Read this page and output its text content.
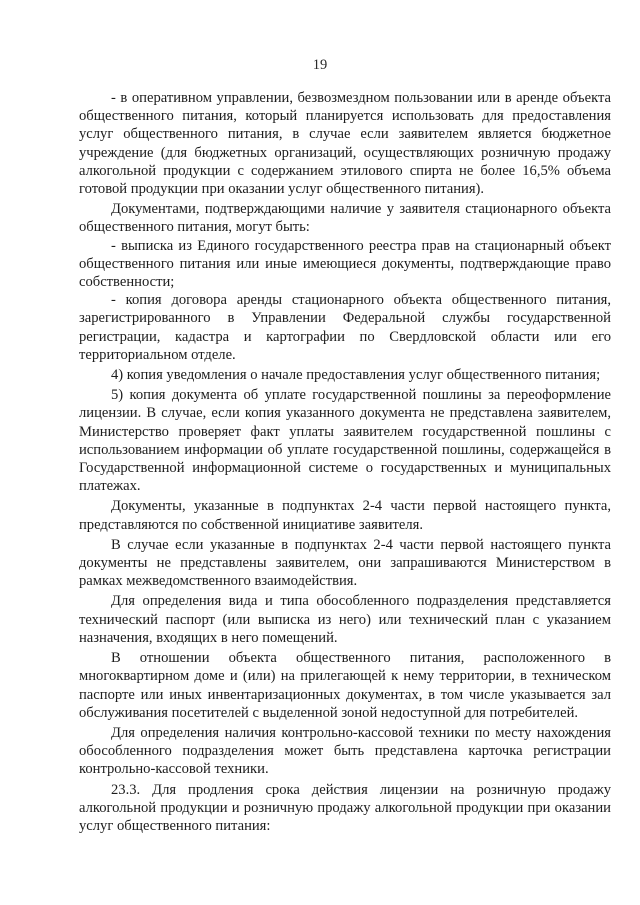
19

- в оперативном управлении, безвозмездном пользовании или в аренде объекта общественного питания, который планируется использовать для предоставления услуг общественного питания, в случае если заявителем является бюджетное учреждение (для бюджетных организаций, осуществляющих розничную продажу алкогольной продукции с содержанием этилового спирта не более 16,5% объема готовой продукции при оказании услуг общественного питания).

Документами, подтверждающими наличие у заявителя стационарного объекта общественного питания, могут быть:

- выписка из Единого государственного реестра прав на стационарный объект общественного питания или иные имеющиеся документы, подтверждающие право собственности;

- копия договора аренды стационарного объекта общественного питания, зарегистрированного в Управлении Федеральной службы государственной регистрации, кадастра и картографии по Свердловской области или его территориальном отделе.

4) копия уведомления о начале предоставления услуг общественного питания;

5) копия документа об уплате государственной пошлины за переоформление лицензии. В случае, если копия указанного документа не представлена заявителем, Министерство проверяет факт уплаты заявителем государственной пошлины с использованием информации об уплате государственной пошлины, содержащейся в Государственной информационной системе о государственных и муниципальных платежах.

Документы, указанные в подпунктах 2-4 части первой настоящего пункта, представляются по собственной инициативе заявителя.

В случае если указанные в подпунктах 2-4 части первой настоящего пункта документы не представлены заявителем, они запрашиваются Министерством в рамках межведомственного взаимодействия.

Для определения вида и типа обособленного подразделения представляется технический паспорт (или выписка из него) или технический план с указанием назначения, входящих в него помещений.

В отношении объекта общественного питания, расположенного в многоквартирном доме и (или) на прилегающей к нему территории, в техническом паспорте или иных инвентаризационных документах, в том числе указывается зал обслуживания посетителей с выделенной зоной недоступной для потребителей.

Для определения наличия контрольно-кассовой техники по месту нахождения обособленного подразделения может быть представлена карточка регистрации контрольно-кассовой техники.

23.3. Для продления срока действия лицензии на розничную продажу алкогольной продукции и розничную продажу алкогольной продукции при оказании услуг общественного питания:
